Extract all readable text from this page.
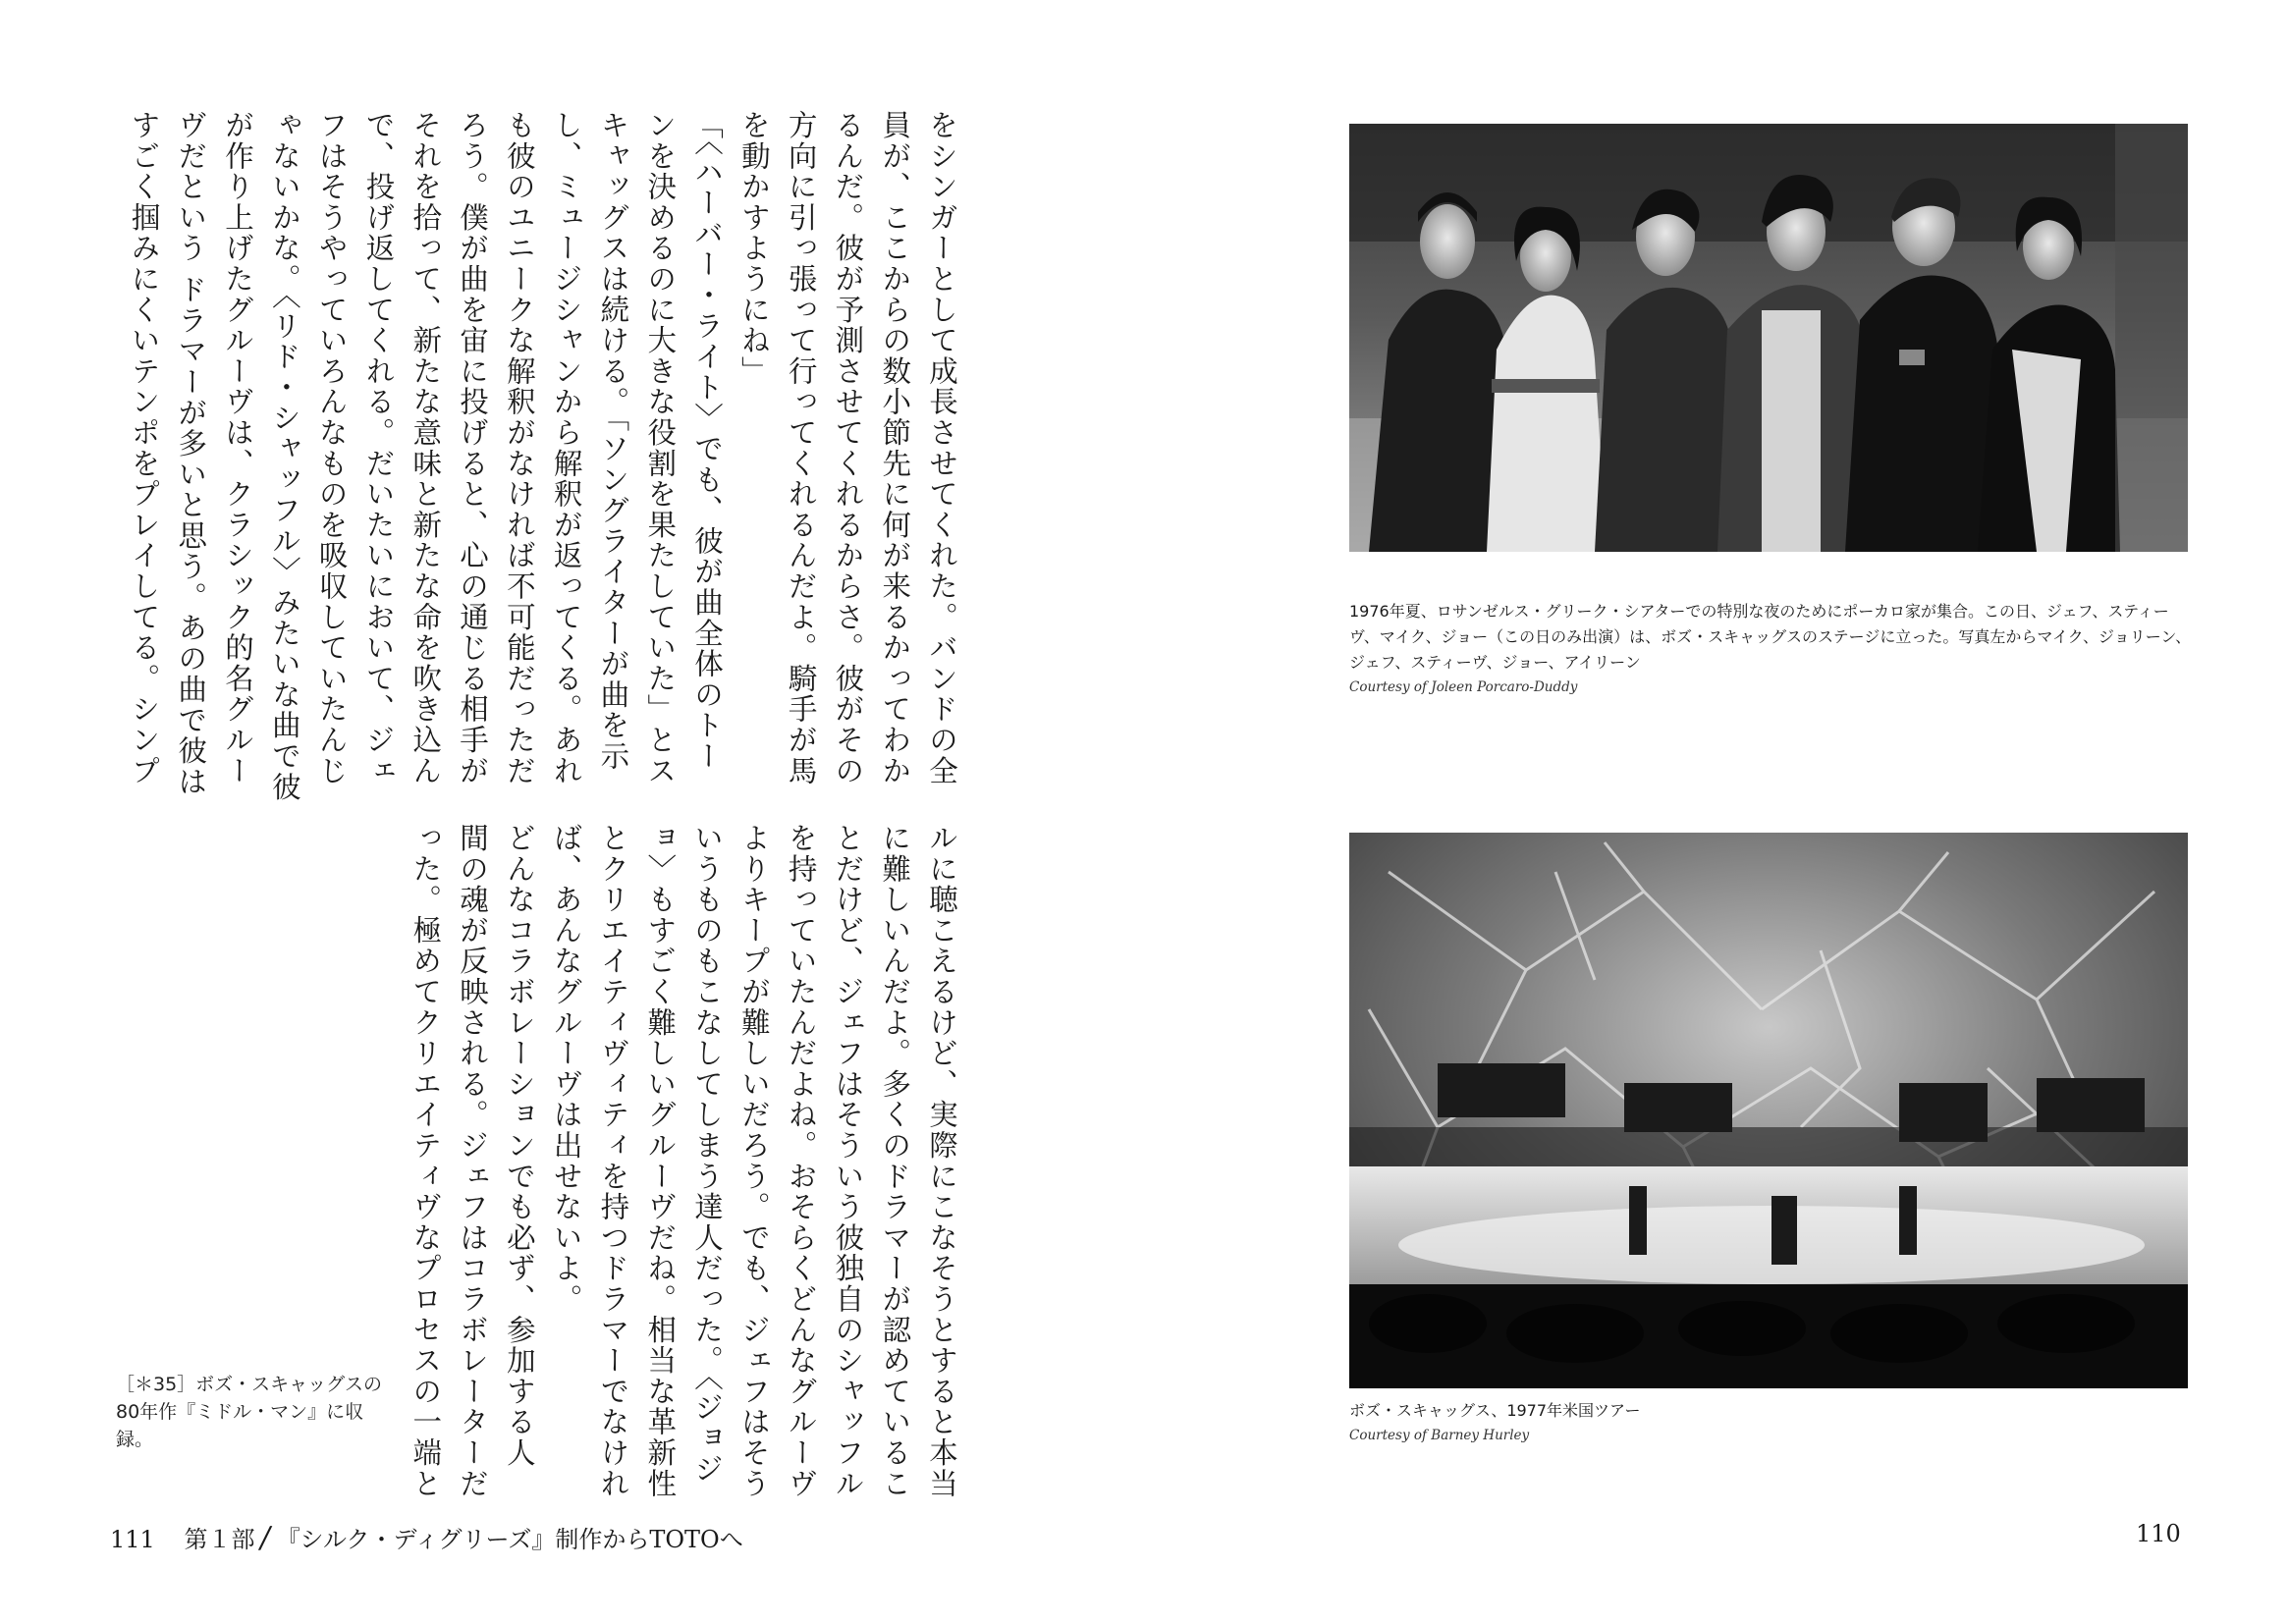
をシンガーとして成長させてくれた。バンドの全
員が、ここからの数小節先に何が来るかってわか
るんだ。彼が予測させてくれるからさ。彼がその
方向に引っ張って行ってくれるんだよ。騎手が馬
を動かすようにね」
「〈ハーバー・ライト〉でも、彼が曲全体のトー
ンを決めるのに大きな役割を果たしていた」とス
キャッグスは続ける。「ソングライターが曲を示
し、ミュージシャンから解釈が返ってくる。あれ
も彼のユニークな解釈がなければ不可能だっただ
ろう。僕が曲を宙に投げると、心の通じる相手が
それを拾って、新たな意味と新たな命を吹き込ん
で、投げ返してくれる。だいたいにおいて、ジェ
フはそうやっていろんなものを吸収していたんじ
ゃないかな。〈リド・シャッフル〉みたいな曲で彼
が作り上げたグルーヴは、クラシック的名グルー
ヴだという ドラマーが多いと思う。あの曲で彼は
すごく掴みにくいテンポをプレイしてる。シンプ
ルに聴こえるけど、実際にこなそうとすると本当
に難しいんだよ。多くのドラマーが認めているこ
とだけど、ジェフはそういう彼独自のシャッフル
を持っていたんだよね。おそらくどんなグルーヴ
よりキープが難しいだろう。でも、ジェフはそう
いうものもこなしてしまう達人だった。〈ジョジ
ョ〉もすごく難しいグルーヴだね。相当な革新性
とクリエイティヴィティを持つドラマーでなけれ
ば、あんなグルーヴは出せないよ。
どんなコラボレーションでも必ず、参加する人
間の魂が反映される。ジェフはコラボレーターだ
った。極めてクリエイティヴなプロセスの一端と
［＊35］ボズ・スキャッグスの80年作『ミドル・マン』に収録。
111 第１部/ 『シルク・ディグリーズ』制作からTOTOへ	110
1976年夏、ロサンゼルス・グリーク・シアターでの特別な夜のためにポーカロ家が集合。この日、ジェフ、スティーヴ、マイク、ジョー（この日のみ出演）は、ボズ・スキャッグスのステージに立った。写真左からマイク、ジョリーン、ジェフ、スティーヴ、ジョー、アイリーン
Courtesy of Joleen Porcaro-Duddy
ボズ・スキャッグス、1977年米国ツアー
Courtesy of Barney Hurley
